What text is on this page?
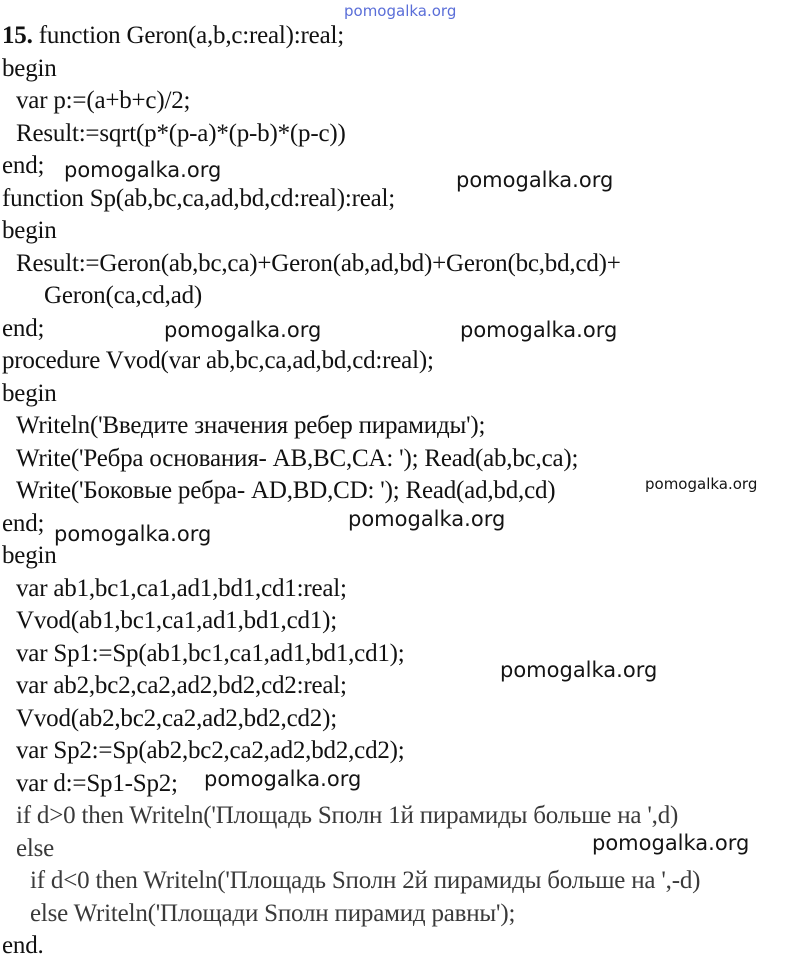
pomogalka.org
15. function Geron(a,b,c:real):real;
begin
var p:=(a+b+c)/2;
Result:=sqrt(p*(p-a)*(p-b)*(p-c))
end;
function Sp(ab,bc,ca,ad,bd,cd:real):real;
begin
Result:=Geron(ab,bc,ca)+Geron(ab,ad,bd)+Geron(bc,bd,cd)+
Geron(ca,cd,ad)
end;
procedure Vvod(var ab,bc,ca,ad,bd,cd:real);
begin
Writeln('Введите значения ребер пирамиды');
Write('Ребра основания- AB,BC,CA: '); Read(ab,bc,ca);
Write('Боковые ребра- AD,BD,CD: '); Read(ad,bd,cd)
end;
begin
var ab1,bc1,ca1,ad1,bd1,cd1:real;
Vvod(ab1,bc1,ca1,ad1,bd1,cd1);
var Sp1:=Sp(ab1,bc1,ca1,ad1,bd1,cd1);
var ab2,bc2,ca2,ad2,bd2,cd2:real;
Vvod(ab2,bc2,ca2,ad2,bd2,cd2);
var Sp2:=Sp(ab2,bc2,ca2,ad2,bd2,cd2);
var d:=Sp1-Sp2;
if d>0 then Writeln('Площадь Sполн 1й пирамиды больше на ',d)
else
if d<0 then Writeln('Площадь Sполн 2й пирамиды больше на ',-d)
else Writeln('Площади Sполн пирамид равны');
end.
pomogalka.org	pomogalka.org
pomogalka.org	pomogalka.org
pomogalka.org
pomogalka.org
pomogalka.org
pomogalka.org
pomogalka.org
pomogalka.org
